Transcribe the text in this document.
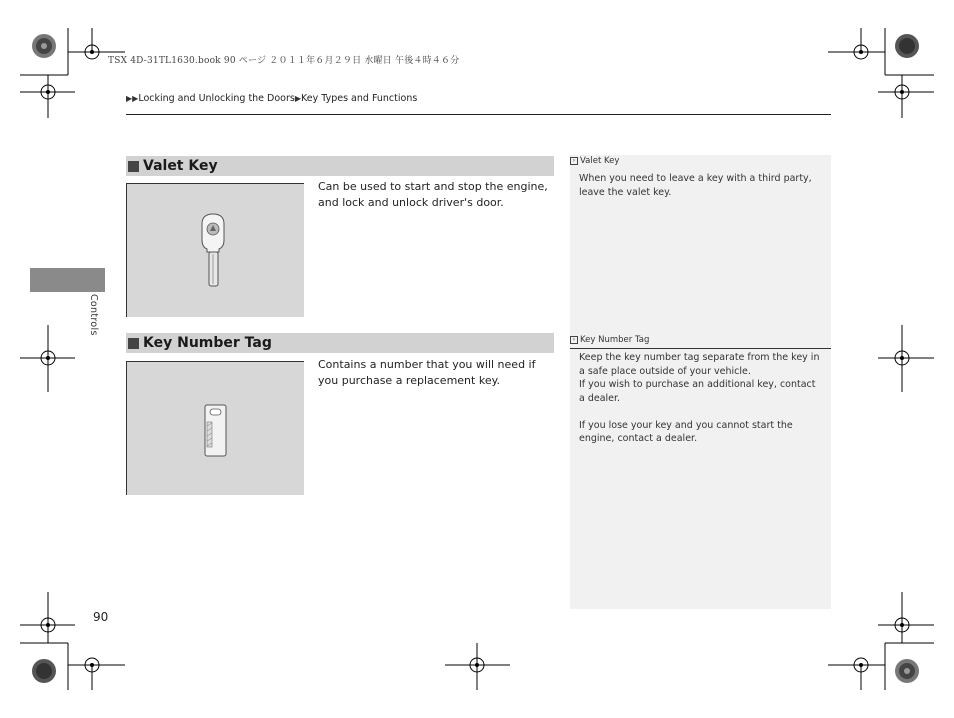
TSX 4D-31TL1630.book 90 ページ ２０１１年６月２９日 水曜日 午後４時４６分
▶▶Locking and Unlocking the Doors▶Key Types and Functions
Controls
Valet Key
Can be used to start and stop the engine, and lock and unlock driver's door.
Key Number Tag
Contains a number that you will need if you purchase a replacement key.
› Valet Key

When you need to leave a key with a third party, leave the valet key.

› Key Number Tag

Keep the key number tag separate from the key in a safe place outside of your vehicle.

If you wish to purchase an additional key, contact a dealer.

If you lose your key and you cannot start the engine, contact a dealer.

90
